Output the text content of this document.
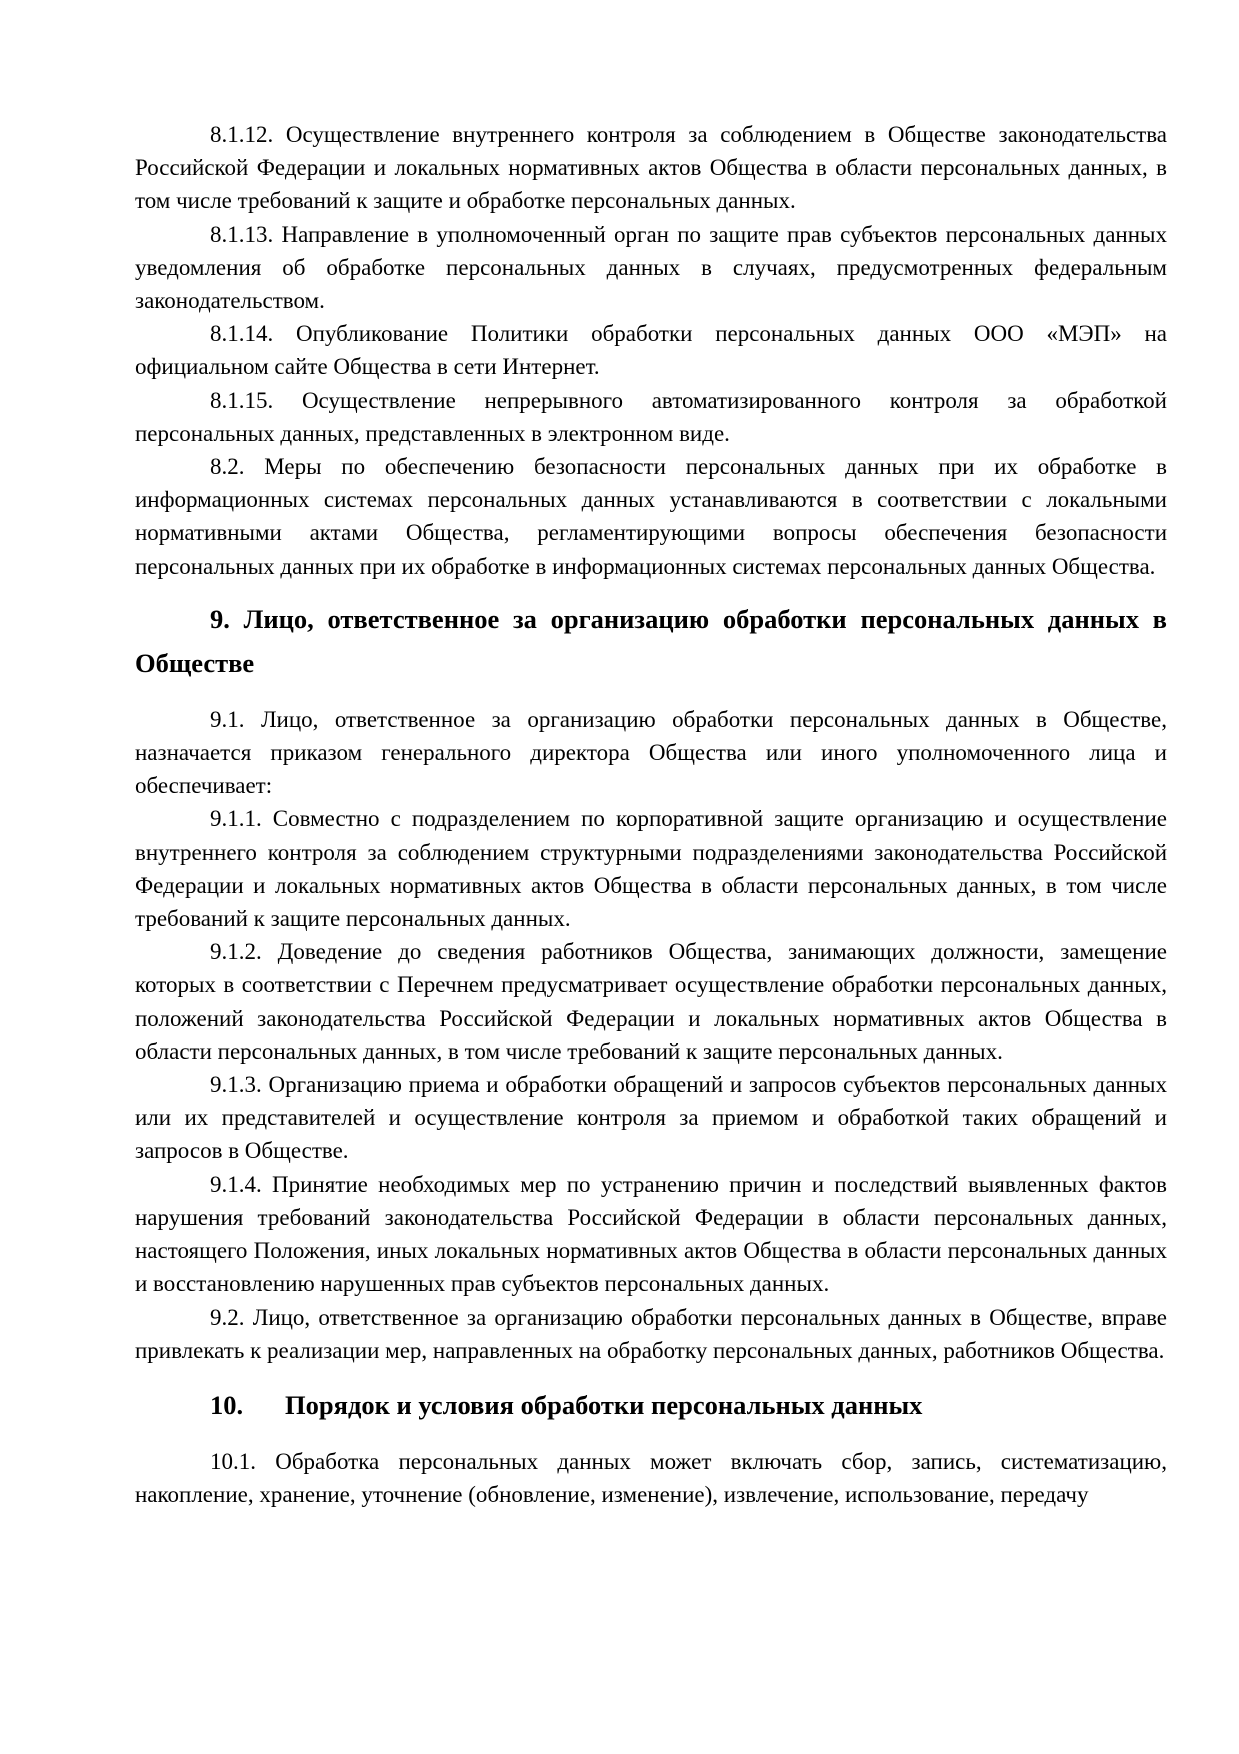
8.1.12. Осуществление внутреннего контроля за соблюдением в Обществе законодательства Российской Федерации и локальных нормативных актов Общества в области персональных данных, в том числе требований к защите и обработке персональных данных.

8.1.13. Направление в уполномоченный орган по защите прав субъектов персональных данных уведомления об обработке персональных данных в случаях, предусмотренных федеральным законодательством.

8.1.14. Опубликование Политики обработки персональных данных ООО «МЭП» на официальном сайте Общества в сети Интернет.

8.1.15. Осуществление непрерывного автоматизированного контроля за обработкой персональных данных, представленных в электронном виде.

8.2. Меры по обеспечению безопасности персональных данных при их обработке в информационных системах персональных данных устанавливаются в соответствии с локальными нормативными актами Общества, регламентирующими вопросы обеспечения безопасности персональных данных при их обработке в информационных системах персональных данных Общества.

9. Лицо, ответственное за организацию обработки персональных данных в Обществе

9.1. Лицо, ответственное за организацию обработки персональных данных в Обществе, назначается приказом генерального директора Общества или иного уполномоченного лица и обеспечивает:

9.1.1. Совместно с подразделением по корпоративной защите организацию и осуществление внутреннего контроля за соблюдением структурными подразделениями законодательства Российской Федерации и локальных нормативных актов Общества в области персональных данных, в том числе требований к защите персональных данных.

9.1.2. Доведение до сведения работников Общества, занимающих должности, замещение которых в соответствии с Перечнем предусматривает осуществление обработки персональных данных, положений законодательства Российской Федерации и локальных нормативных актов Общества в области персональных данных, в том числе требований к защите персональных данных.

9.1.3. Организацию приема и обработки обращений и запросов субъектов персональных данных или их представителей и осуществление контроля за приемом и обработкой таких обращений и запросов в Обществе.

9.1.4. Принятие необходимых мер по устранению причин и последствий выявленных фактов нарушения требований законодательства Российской Федерации в области персональных данных, настоящего Положения, иных локальных нормативных актов Общества в области персональных данных и восстановлению нарушенных прав субъектов персональных данных.

9.2. Лицо, ответственное за организацию обработки персональных данных в Обществе, вправе привлекать к реализации мер, направленных на обработку персональных данных, работников Общества.

10. Порядок и условия обработки персональных данных

10.1. Обработка персональных данных может включать сбор, запись, систематизацию, накопление, хранение, уточнение (обновление, изменение), извлечение, использование, передачу
